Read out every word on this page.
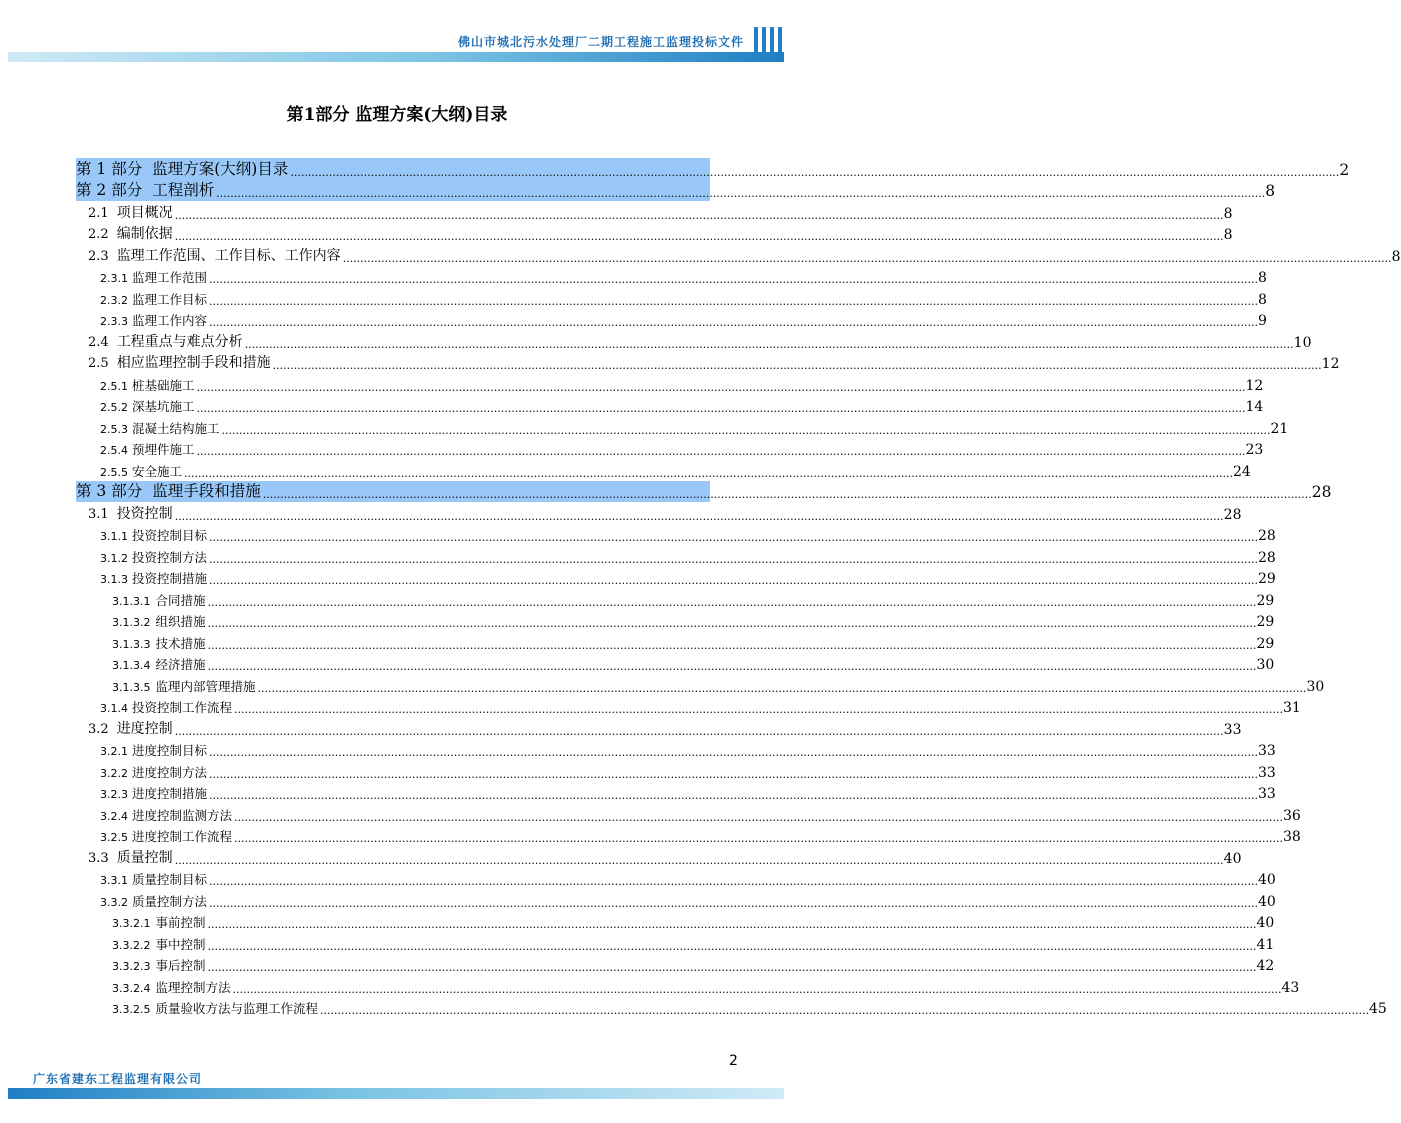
佛山市城北污水处理厂二期工程施工监理投标文件
第1部分 监理方案(大纲)目录
第 1 部分 监理方案(大纲)目录 ............................................................................................................................................................................................................................................................................................................ 2
第 2 部分 工程剖析 ............................................................................................................................................................................................................................................................................................................ 8
2.1 项目概况 ............................................................................................................................................................................................................................................................................................................ 8
2.2 编制依据 ............................................................................................................................................................................................................................................................................................................ 8
2.3 监理工作范围、工作目标、工作内容 ............................................................................................................................................................................................................................................................................................................ 8
2.3.1 监理工作范围 ............................................................................................................................................................................................................................................................................................................ 8
2.3.2 监理工作目标 ............................................................................................................................................................................................................................................................................................................ 8
2.3.3 监理工作内容 ............................................................................................................................................................................................................................................................................................................ 9
2.4 工程重点与难点分析 ............................................................................................................................................................................................................................................................................................................ 10
2.5 相应监理控制手段和措施 ............................................................................................................................................................................................................................................................................................................ 12
2.5.1 桩基础施工 ............................................................................................................................................................................................................................................................................................................ 12
2.5.2 深基坑施工 ............................................................................................................................................................................................................................................................................................................ 14
2.5.3 混凝土结构施工 ............................................................................................................................................................................................................................................................................................................ 21
2.5.4 预埋件施工 ............................................................................................................................................................................................................................................................................................................ 23
2.5.5 安全施工 ............................................................................................................................................................................................................................................................................................................ 24
第 3 部分 监理手段和措施 ............................................................................................................................................................................................................................................................................................................ 28
3.1 投资控制 ............................................................................................................................................................................................................................................................................................................ 28
3.1.1 投资控制目标 ............................................................................................................................................................................................................................................................................................................ 28
3.1.2 投资控制方法 ............................................................................................................................................................................................................................................................................................................ 28
3.1.3 投资控制措施 ............................................................................................................................................................................................................................................................................................................ 29
3.1.3.1 合同措施 ............................................................................................................................................................................................................................................................................................................ 29
3.1.3.2 组织措施 ............................................................................................................................................................................................................................................................................................................ 29
3.1.3.3 技术措施 ............................................................................................................................................................................................................................................................................................................ 29
3.1.3.4 经济措施 ............................................................................................................................................................................................................................................................................................................ 30
3.1.3.5 监理内部管理措施 ............................................................................................................................................................................................................................................................................................................ 30
3.1.4 投资控制工作流程 ............................................................................................................................................................................................................................................................................................................ 31
3.2 进度控制 ............................................................................................................................................................................................................................................................................................................ 33
3.2.1 进度控制目标 ............................................................................................................................................................................................................................................................................................................ 33
3.2.2 进度控制方法 ............................................................................................................................................................................................................................................................................................................ 33
3.2.3 进度控制措施 ............................................................................................................................................................................................................................................................................................................ 33
3.2.4 进度控制监测方法 ............................................................................................................................................................................................................................................................................................................ 36
3.2.5 进度控制工作流程 ............................................................................................................................................................................................................................................................................................................ 38
3.3 质量控制 ............................................................................................................................................................................................................................................................................................................ 40
3.3.1 质量控制目标 ............................................................................................................................................................................................................................................................................................................ 40
3.3.2 质量控制方法 ............................................................................................................................................................................................................................................................................................................ 40
3.3.2.1 事前控制 ............................................................................................................................................................................................................................................................................................................ 40
3.3.2.2 事中控制 ............................................................................................................................................................................................................................................................................................................ 41
3.3.2.3 事后控制 ............................................................................................................................................................................................................................................................................................................ 42
3.3.2.4 监理控制方法 ............................................................................................................................................................................................................................................................................................................ 43
3.3.2.5 质量验收方法与监理工作流程 ............................................................................................................................................................................................................................................................................................................ 45
2
广东省建东工程监理有限公司
